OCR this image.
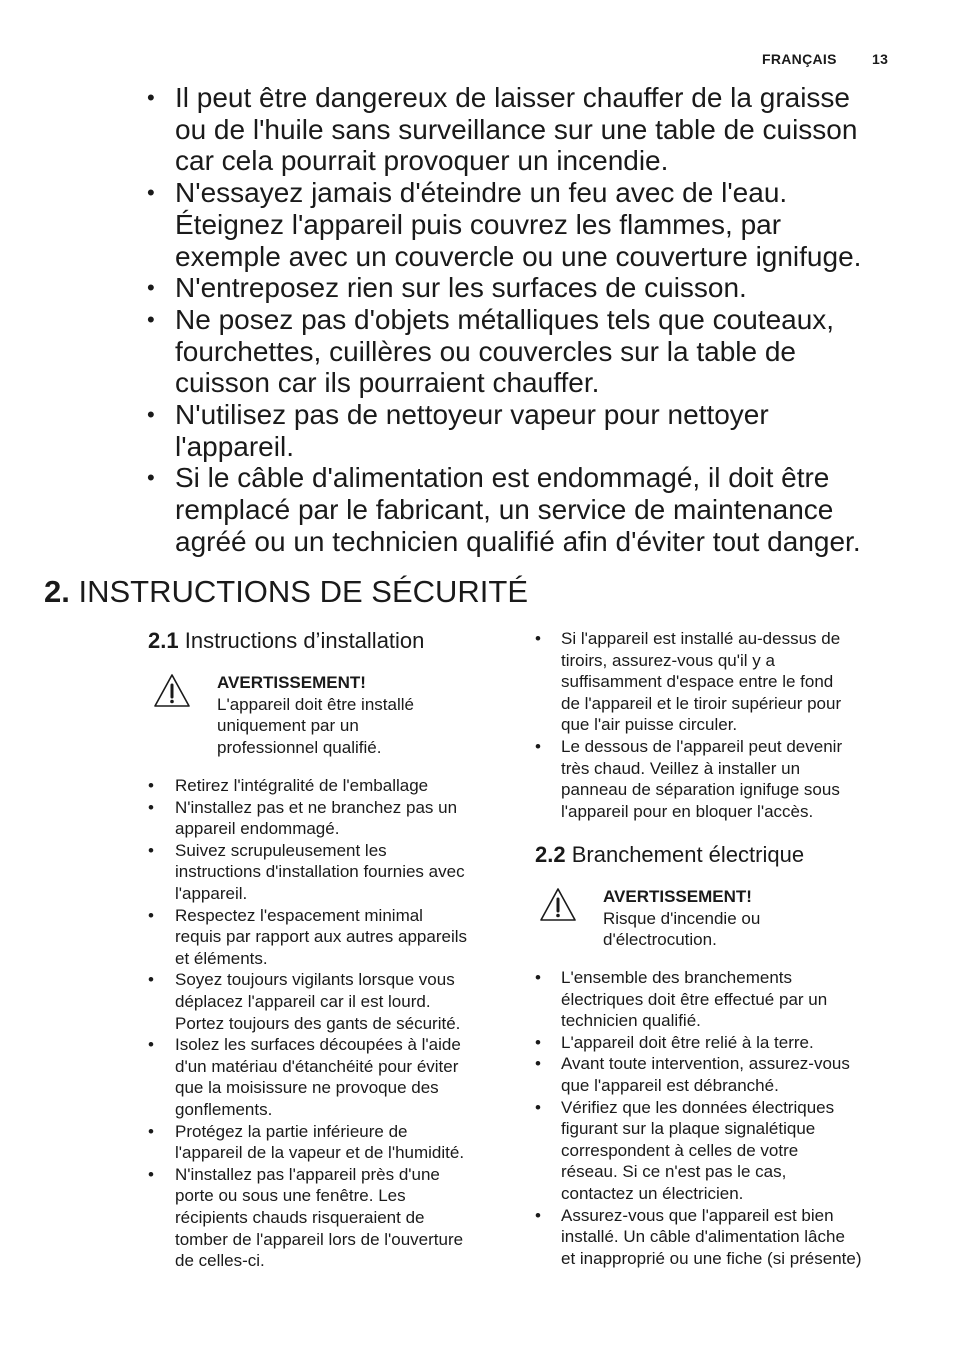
FRANÇAIS	13
• Il peut être dangereux de laisser chauffer de la graisse
ou de l'huile sans surveillance sur une table de cuisson
car cela pourrait provoquer un incendie.
• N'essayez jamais d'éteindre un feu avec de l'eau.
Éteignez l'appareil puis couvrez les flammes, par
exemple avec un couvercle ou une couverture ignifuge.
• N'entreposez rien sur les surfaces de cuisson.
• Ne posez pas d'objets métalliques tels que couteaux,
fourchettes, cuillères ou couvercles sur la table de
cuisson car ils pourraient chauffer.
• N'utilisez pas de nettoyeur vapeur pour nettoyer
l'appareil.
• Si le câble d'alimentation est endommagé, il doit être
remplacé par le fabricant, un service de maintenance
agréé ou un technicien qualifié afin d'éviter tout danger.
2. INSTRUCTIONS DE SÉCURITÉ
2.1 Instructions d’installation
AVERTISSEMENT!
L'appareil doit être installé
uniquement par un
professionnel qualifié.
• Retirez l'intégralité de l'emballage
• N'installez pas et ne branchez pas un
appareil endommagé.
• Suivez scrupuleusement les
instructions d'installation fournies avec
l'appareil.
• Respectez l'espacement minimal
requis par rapport aux autres appareils
et éléments.
• Soyez toujours vigilants lorsque vous
déplacez l'appareil car il est lourd.
Portez toujours des gants de sécurité.
• Isolez les surfaces découpées à l'aide
d'un matériau d'étanchéité pour éviter
que la moisissure ne provoque des
gonflements.
• Protégez la partie inférieure de
l'appareil de la vapeur et de l'humidité.
• N'installez pas l'appareil près d'une
porte ou sous une fenêtre. Les
récipients chauds risqueraient de
tomber de l'appareil lors de l'ouverture
de celles-ci.
• Si l'appareil est installé au-dessus de
tiroirs, assurez-vous qu'il y a
suffisamment d'espace entre le fond
de l'appareil et le tiroir supérieur pour
que l'air puisse circuler.
• Le dessous de l'appareil peut devenir
très chaud. Veillez à installer un
panneau de séparation ignifuge sous
l'appareil pour en bloquer l'accès.
2.2 Branchement électrique
AVERTISSEMENT!
Risque d'incendie ou
d'électrocution.
• L'ensemble des branchements
électriques doit être effectué par un
technicien qualifié.
• L'appareil doit être relié à la terre.
• Avant toute intervention, assurez-vous
que l'appareil est débranché.
• Vérifiez que les données électriques
figurant sur la plaque signalétique
correspondent à celles de votre
réseau. Si ce n'est pas le cas,
contactez un électricien.
• Assurez-vous que l'appareil est bien
installé. Un câble d'alimentation lâche
et inapproprié ou une fiche (si présente)
